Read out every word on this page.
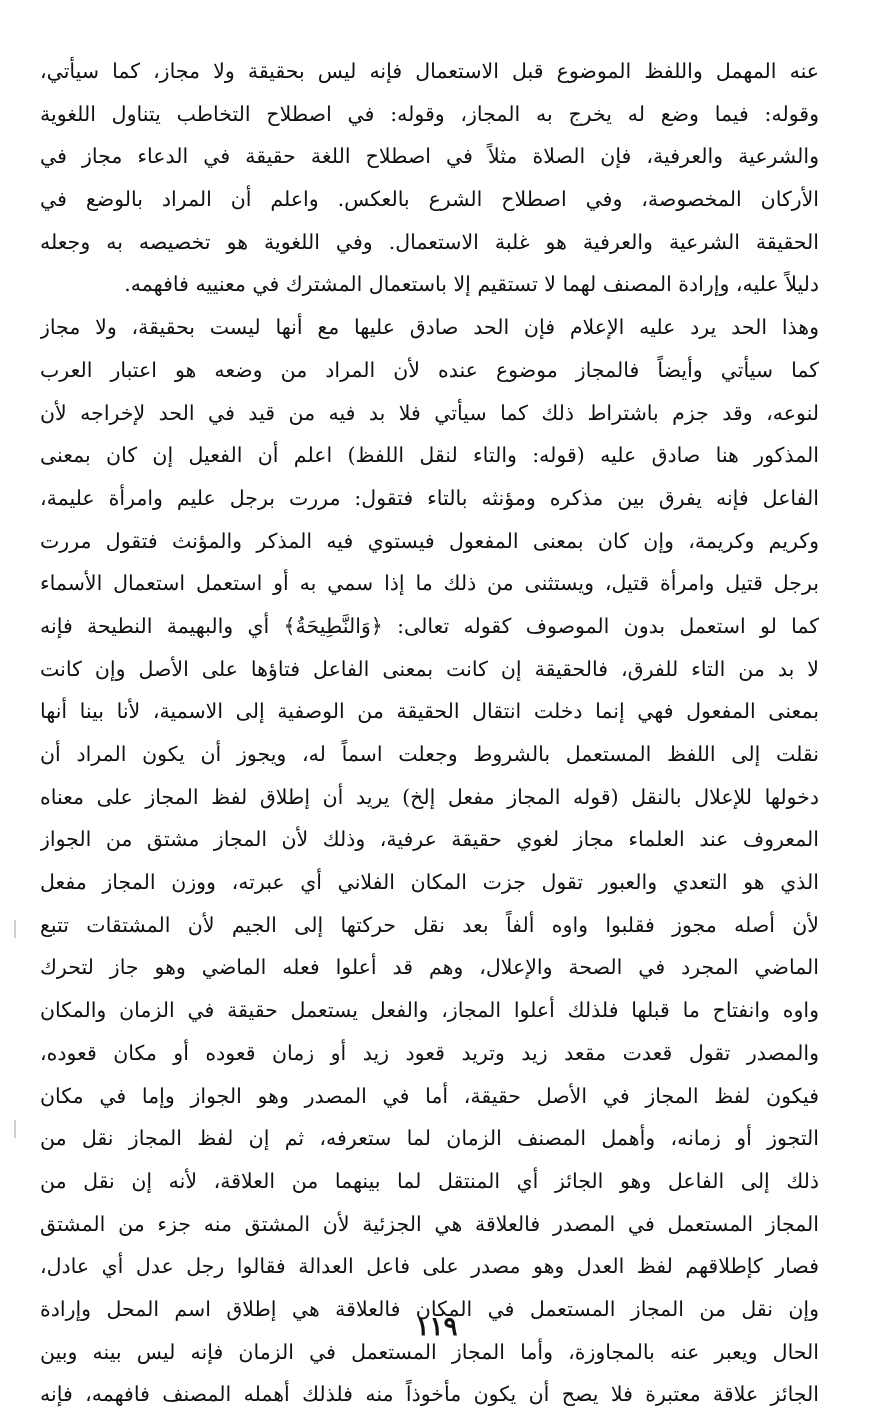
عنه المهمل واللفظ الموضوع قبل الاستعمال فإنه ليس بحقيقة ولا مجاز، كما سيأتي،
وقوله: فيما وضع له يخرج به المجاز، وقوله: في اصطلاح التخاطب يتناول اللغوية
والشرعية والعرفية، فإن الصلاة مثلاً في اصطلاح اللغة حقيقة في الدعاء مجاز في
الأركان المخصوصة، وفي اصطلاح الشرع بالعكس. واعلم أن المراد بالوضع في
الحقيقة الشرعية والعرفية هو غلبة الاستعمال. وفي اللغوية هو تخصيصه به وجعله
دليلاً عليه، وإرادة المصنف لهما لا تستقيم إلا باستعمال المشترك في معنييه فافهمه.
وهذا الحد يرد عليه الإعلام فإن الحد صادق عليها مع أنها ليست بحقيقة، ولا مجاز
كما سيأتي وأيضاً فالمجاز موضوع عنده لأن المراد من وضعه هو اعتبار العرب
لنوعه، وقد جزم باشتراط ذلك كما سيأتي فلا بد فيه من قيد في الحد لإخراجه لأن
المذكور هنا صادق عليه (قوله: والتاء لنقل اللفظ) اعلم أن الفعيل إن كان بمعنى
الفاعل فإنه يفرق بين مذكره ومؤنثه بالتاء فتقول: مررت برجل عليم وامرأة عليمة،
وكريم وكريمة، وإن كان بمعنى المفعول فيستوي فيه المذكر والمؤنث فتقول مررت
برجل قتيل وامرأة قتيل، ويستثنى من ذلك ما إذا سمي به أو استعمل استعمال الأسماء
كما لو استعمل بدون الموصوف كقوله تعالى: ﴿وَالنَّطِيحَةُ﴾ أي والبهيمة النطيحة فإنه
لا بد من التاء للفرق، فالحقيقة إن كانت بمعنى الفاعل فتاؤها على الأصل وإن كانت
بمعنى المفعول فهي إنما دخلت انتقال الحقيقة من الوصفية إلى الاسمية، لأنا بينا أنها
نقلت إلى اللفظ المستعمل بالشروط وجعلت اسماً له، ويجوز أن يكون المراد أن
دخولها للإعلال بالنقل (قوله المجاز مفعل إلخ) يريد أن إطلاق لفظ المجاز على معناه
المعروف عند العلماء مجاز لغوي حقيقة عرفية، وذلك لأن المجاز مشتق من الجواز
الذي هو التعدي والعبور تقول جزت المكان الفلاني أي عبرته، ووزن المجاز مفعل
لأن أصله مجوز فقلبوا واوه ألفاً بعد نقل حركتها إلى الجيم لأن المشتقات تتبع
الماضي المجرد في الصحة والإعلال، وهم قد أعلوا فعله الماضي وهو جاز لتحرك
واوه وانفتاح ما قبلها فلذلك أعلوا المجاز، والفعل يستعمل حقيقة في الزمان والمكان
والمصدر تقول قعدت مقعد زيد وتريد قعود زيد أو زمان قعوده أو مكان قعوده،
فيكون لفظ المجاز في الأصل حقيقة، أما في المصدر وهو الجواز وإما في مكان
التجوز أو زمانه، وأهمل المصنف الزمان لما ستعرفه، ثم إن لفظ المجاز نقل من
ذلك إلى الفاعل وهو الجائز أي المنتقل لما بينهما من العلاقة، لأنه إن نقل من
المجاز المستعمل في المصدر فالعلاقة هي الجزئية لأن المشتق منه جزء من المشتق
فصار كإطلاقهم لفظ العدل وهو مصدر على فاعل العدالة فقالوا رجل عدل أي عادل،
وإن نقل من المجاز المستعمل في المكان فالعلاقة هي إطلاق اسم المحل وإرادة
الحال ويعبر عنه بالمجاوزة، وأما المجاز المستعمل في الزمان فإنه ليس بينه وبين
الجائز علاقة معتبرة فلا يصح أن يكون مأخوذاً منه فلذلك أهمله المصنف فافهمه، فإنه
١١٩
